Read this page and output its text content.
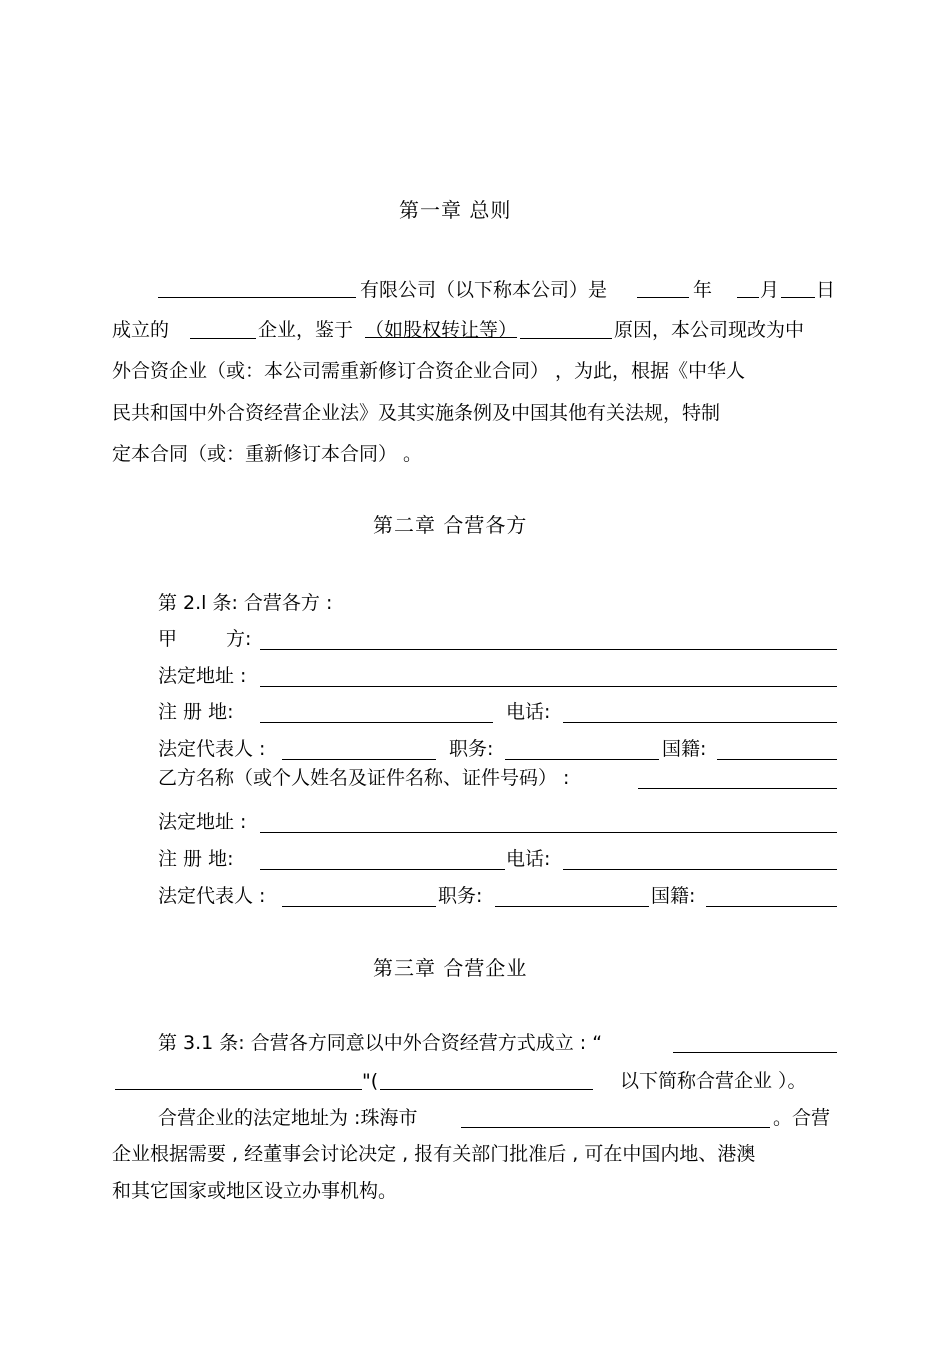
第一章 总则
有限公司（以下称本公司）是	年	月 日
成立的	企业，鉴于 （如股权转让等）	原因，本公司现改为中
外合资企业（或：本公司需重新修订合资企业合同） ，为此，根据《中华人
民共和国中外合资经营企业法》及其实施条例及中国其他有关法规，特制
定本合同（或：重新修订本合同） 。
第二章 合营各方
第 2.l 条: 合营各方 :
甲	方:
法定地址 :
注 册 地:	电话:
法定代表人 :	职务:	国籍:
乙方名称（或个人姓名及证件名称、证件号码） :
法定地址 :
注 册 地:	电话:
法定代表人 :	职务:	国籍:
第三章 合营企业
第 3.1 条: 合营各方同意以中外合资经营方式成立 : “
"(	以下简称合营企业 ）。
合营企业的法定地址为 :珠海市	。合营
企业根据需要 , 经董事会讨论决定 , 报有关部门批准后 , 可在中国内地、港澳
和其它国家或地区设立办事机构。
